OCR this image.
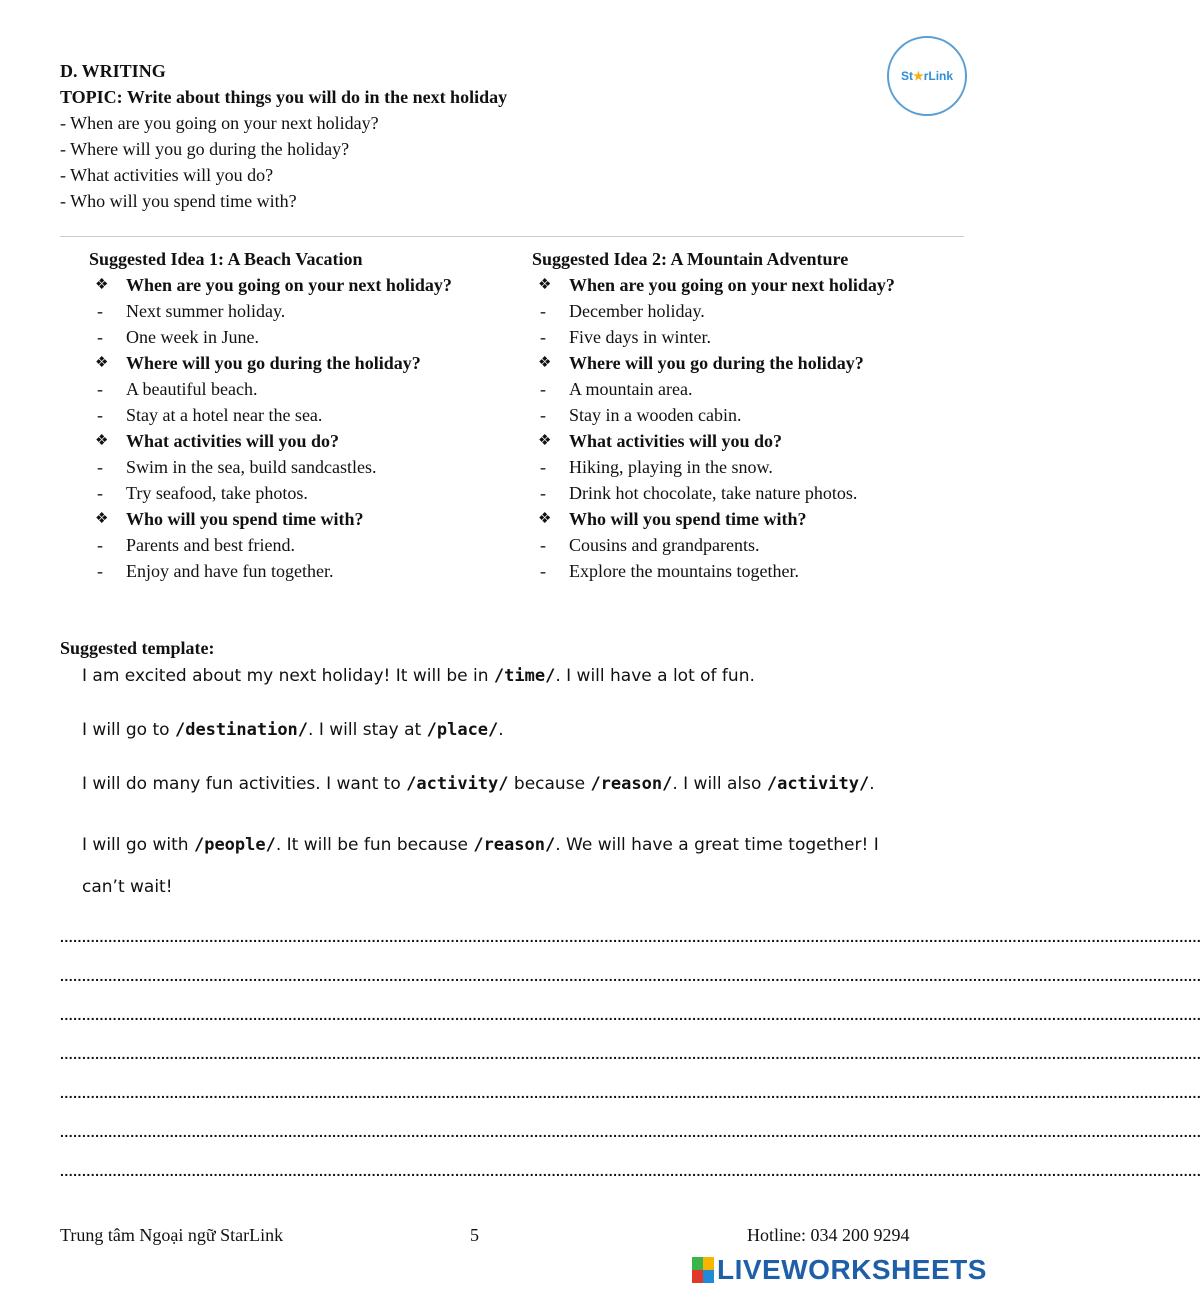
D. WRITING
TOPIC: Write about things you will do in the next holiday
- When are you going on your next holiday?
- Where will you go during the holiday?
- What activities will you do?
- Who will you spend time with?
St★rLink
Suggested Idea 1: A Beach Vacation
❖ When are you going on your next holiday?
-	Next summer holiday.
-	One week in June.
❖ Where will you go during the holiday?
-	A beautiful beach.
-	Stay at a hotel near the sea.
❖ What activities will you do?
-	Swim in the sea, build sandcastles.
-	Try seafood, take photos.
❖ Who will you spend time with?
-	Parents and best friend.
-	Enjoy and have fun together.
Suggested Idea 2: A Mountain Adventure
❖ When are you going on your next holiday?
-	December holiday.
-	Five days in winter.
❖ Where will you go during the holiday?
-	A mountain area.
-	Stay in a wooden cabin.
❖ What activities will you do?
-	Hiking, playing in the snow.
-	Drink hot chocolate, take nature photos.
❖ Who will you spend time with?
-	Cousins and grandparents.
-	Explore the mountains together.
Suggested template:
I am excited about my next holiday! It will be in /time/. I will have a lot of fun.
I will go to /destination/. I will stay at /place/.
I will do many fun activities. I want to /activity/ because /reason/. I will also /activity/.
I will go with /people/. It will be fun because /reason/. We will have a great time together! I
can’t wait!
....................................................................................................................................................................................................................................................................
....................................................................................................................................................................................................................................................................
....................................................................................................................................................................................................................................................................
....................................................................................................................................................................................................................................................................
....................................................................................................................................................................................................................................................................
....................................................................................................................................................................................................................................................................
....................................................................................................................................................................................................................................................................
Trung tâm Ngoại ngữ StarLink	5	Hotline: 034 200 9294
LIVEWORKSHEETS
